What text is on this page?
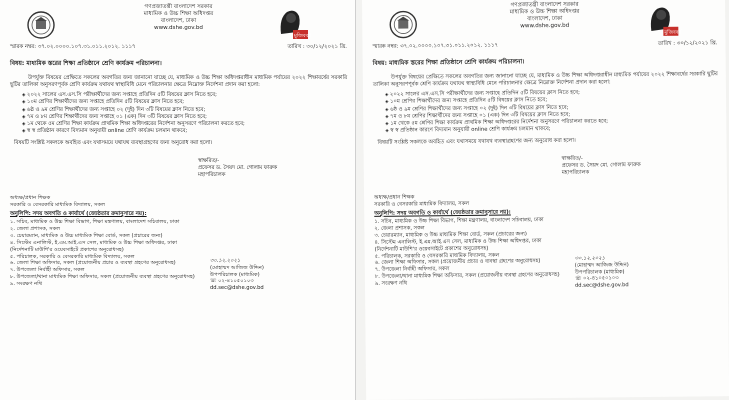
মুজিববর্ষ
গণপ্রজাতন্ত্রী বাংলাদেশ সরকার
মাধ্যমিক ও উচ্চ শিক্ষা অধিদপ্তর
বাংলাদেশ, ঢাকা
www.dshe.gov.bd
স্মারক নম্বর: ৩৭.০২.০০০০.১০৭.৩১.০১১.২০১২. ১১১৭	তারিখ : ৩০/১২/২০২১ খ্রি.
বিষয়: মাধ্যমিক স্তরের শিক্ষা প্রতিষ্ঠানে শ্রেণি কার্যক্রম পরিচালনা।
উপর্যুক্ত বিষয়ের প্রেক্ষিতে সকলের অবগতির জন্য জানানো যাচ্ছে যে, মাধ্যমিক ও উচ্চ শিক্ষা অধিদপ্তরাধীন মাধ্যমিক পর্যায়ের ২০২২ শিক্ষাবর্ষের সরকারি ছুটির তালিকা অনুসরণপূর্বক শ্রেণি কার্যক্রম যথাযথ স্বাস্থ্যবিধি মেনে পরিচালনার ক্ষেত্রে নিম্নোক্ত নির্দেশনা প্রদান করা হলো:
◈ ২০২২ সালের এস.এস.সি পরীক্ষার্থীদের জন্য সপ্তাহে প্রতিদিন ৫টি বিষয়ের ক্লাস নিতে হবে;
◈ ১০ম শ্রেণির শিক্ষার্থীদের জন্য সপ্তাহে প্রতিদিন ৫টি বিষয়ের ক্লাস নিতে হবে;
◈ ৬ষ্ঠ ও ৯ম শ্রেণির শিক্ষার্থীদের জন্য সপ্তাহে ০২ (দুই) দিন ৩টি বিষয়ের ক্লাস নিতে হবে;
◈ ৭ম ও ৮ম শ্রেণির শিক্ষার্থীদের জন্য সপ্তাহে ০১ (এক) দিন ৩টি বিষয়ের ক্লাস নিতে হবে;
◈ ১ম থেকে ৫ম শ্রেণির শিক্ষা কার্যক্রম প্রাথমিক শিক্ষা অধিদপ্তরের নির্দেশনা অনুসরণে পরিচালনা করতে হবে;
◈ স্ব স্ব প্রতিষ্ঠান কারণে বিদ্যমান অনুযায়ী online শ্রেণি কার্যক্রম চলমান থাকবে;
বিষয়টি সংশ্লিষ্ট সকলকে অবহিত এবং যথাসময়ে যথাযথ ব্যবস্থাগ্রহণের জন্য অনুরোধ করা হলো।
স্বাক্ষরিত/-
প্রফেসর ড. সৈয়দ মো. গোলাম ফারুক
মহাপরিচালক
অধ্যক্ষ/প্রধান শিক্ষক
সরকারি ও বেসরকারি মাধ্যমিক বিদ্যালয়, সকল
অনুলিপি: সদয় অবগতি ও কার্যার্থে (জ্যেষ্ঠতার ক্রমানুসারে নয়):
১. সচিব, মাধ্যমিক ও উচ্চ শিক্ষা বিভাগ, শিক্ষা মন্ত্রণালয়, বাংলাদেশ সচিবালয়, ঢাকা
২. জেলা প্রশাসক, সকল
৩. চেয়ারম্যান, মাধ্যমিক ও উচ্চ মাধ্যমিক শিক্ষা বোর্ড, সকল (প্রচারের জন্য)
৪. সিস্টেম এনালিস্ট, ই.এম.আই.এস সেল, মাধ্যমিক ও উচ্চ শিক্ষা অধিদপ্তর, ঢাকা
(নির্দেশনাটি মাউশি'র ওয়েবসাইটে প্রকাশের অনুরোধসহ)
৫. পরিচালক, সরকারি ও বেসরকারি মাধ্যমিক বিদ্যালয়, সকল
৬. জেলা শিক্ষা অফিসার, সকল (প্রয়োজনীয় প্রচার ও ব্যবস্থা গ্রহণের অনুরোধসহ)
৭. উপজেলা নির্বাহী অফিসার, সকল
৮. উপজেলা/থানা মাধ্যমিক শিক্ষা অফিসার, সকল (প্রয়োজনীয় ব্যবস্থা গ্রহণের অনুরোধসহ)
৯. সংরক্ষণ নথি
৩০.১২.২০২১
(মোহাম্মদ আজিজ উদ্দিন)
উপপরিচালক (মাধ্যমিক)
☏ ০২-৪১০৫০১০৩
dd.sec@dshe.gov.bd
মুজিববর্ষ
গণপ্রজাতন্ত্রী বাংলাদেশ সরকার
মাধ্যমিক ও উচ্চ শিক্ষা অধিদপ্তর
বাংলাদেশ, ঢাকা
www.dshe.gov.bd
স্মারক নম্বর: ৩৭.০২.০০০০.১০৭.৩১.০১১.২০১২. ১১১৭	তারিখ : ৩০/১২/২০২১ খ্রি.
বিষয়: মাধ্যমিক স্তরের শিক্ষা প্রতিষ্ঠানে শ্রেণি কার্যক্রম পরিচালনা।
উপর্যুক্ত বিষয়ের প্রেক্ষিতে সকলের অবগতির জন্য জানানো যাচ্ছে যে, মাধ্যমিক ও উচ্চ শিক্ষা অধিদপ্তরাধীন মাধ্যমিক পর্যায়ের ২০২২ শিক্ষাবর্ষের সরকারি ছুটির তালিকা অনুসরণপূর্বক শ্রেণি কার্যক্রম যথাযথ স্বাস্থ্যবিধি মেনে পরিচালনার ক্ষেত্রে নিম্নোক্ত নির্দেশনা প্রদান করা হলো:
◈ ২০২২ সালের এস.এস.সি পরীক্ষার্থীদের জন্য সপ্তাহে প্রতিদিন ৫টি বিষয়ের ক্লাস নিতে হবে;
◈ ১০ম শ্রেণির শিক্ষার্থীদের জন্য সপ্তাহে প্রতিদিন ৫টি বিষয়ের ক্লাস নিতে হবে;
◈ ৬ষ্ঠ ও ৯ম শ্রেণির শিক্ষার্থীদের জন্য সপ্তাহে ০২ (দুই) দিন ৩টি বিষয়ের ক্লাস নিতে হবে;
◈ ৭ম ও ৮ম শ্রেণির শিক্ষার্থীদের জন্য সপ্তাহে ০১ (এক) দিন ৩টি বিষয়ের ক্লাস নিতে হবে;
◈ ১ম থেকে ৫ম শ্রেণির শিক্ষা কার্যক্রম প্রাথমিক শিক্ষা অধিদপ্তরের নির্দেশনা অনুসরণে পরিচালনা করতে হবে;
◈ স্ব স্ব প্রতিষ্ঠান কারণে বিদ্যমান অনুযায়ী online শ্রেণি কার্যক্রম চলমান থাকবে;
বিষয়টি সংশ্লিষ্ট সকলকে অবহিত এবং যথাসময়ে যথাযথ ব্যবস্থাগ্রহণের জন্য অনুরোধ করা হলো।
স্বাক্ষরিত/-
প্রফেসর ড. সৈয়দ মো. গোলাম ফারুক
মহাপরিচালক
অধ্যক্ষ/প্রধান শিক্ষক
সরকারি ও বেসরকারি মাধ্যমিক বিদ্যালয়, সকল
অনুলিপি: সদয় অবগতি ও কার্যার্থে (জ্যেষ্ঠতার ক্রমানুসারে নয়):
১. সচিব, মাধ্যমিক ও উচ্চ শিক্ষা বিভাগ, শিক্ষা মন্ত্রণালয়, বাংলাদেশ সচিবালয়, ঢাকা
২. জেলা প্রশাসক, সকল
৩. চেয়ারম্যান, মাধ্যমিক ও উচ্চ মাধ্যমিক শিক্ষা বোর্ড, সকল (প্রচারের জন্য)
৪. সিস্টেম এনালিস্ট, ই.এম.আই.এস সেল, মাধ্যমিক ও উচ্চ শিক্ষা অধিদপ্তর, ঢাকা
(নির্দেশনাটি মাউশি'র ওয়েবসাইটে প্রকাশের অনুরোধসহ)
৫. পরিচালক, সরকারি ও বেসরকারি মাধ্যমিক বিদ্যালয়, সকল
৬. জেলা শিক্ষা অফিসার, সকল (প্রয়োজনীয় প্রচার ও ব্যবস্থা গ্রহণের অনুরোধসহ)
৭. উপজেলা নির্বাহী অফিসার, সকল
৮. উপজেলা/থানা মাধ্যমিক শিক্ষা অফিসার, সকল (প্রয়োজনীয় ব্যবস্থা গ্রহণের অনুরোধসহ)
৯. সংরক্ষণ নথি
৩০.১২.২০২১
(মোহাম্মদ আজিজ উদ্দিন)
উপপরিচালক (মাধ্যমিক)
☏ ০২-৪১০৫০১০৩
dd.sec@dshe.gov.bd
